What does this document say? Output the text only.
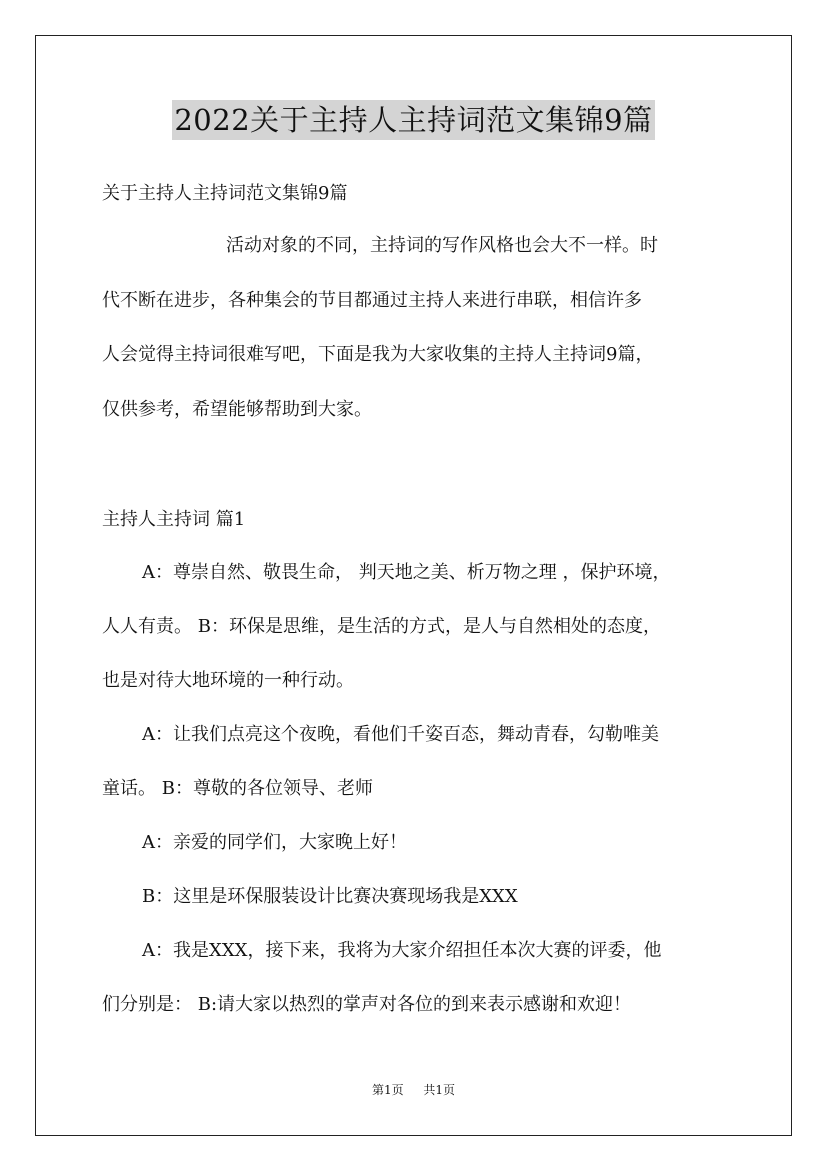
2022关于主持人主持词范文集锦9篇
关于主持人主持词范文集锦9篇
活动对象的不同，主持词的写作风格也会大不一样。时
代不断在进步，各种集会的节目都通过主持人来进行串联，相信许多
人会觉得主持词很难写吧，下面是我为大家收集的主持人主持词9篇，
仅供参考，希望能够帮助到大家。
主持人主持词 篇1
A：尊崇自然、敬畏生命， 判天地之美、析万物之理 ，保护环境，
人人有责。 B：环保是思维，是生活的方式，是人与自然相处的态度，
也是对待大地环境的一种行动。
A：让我们点亮这个夜晚，看他们千姿百态，舞动青春，勾勒唯美
童话。 B：尊敬的各位领导、老师
A：亲爱的同学们，大家晚上好！
B：这里是环保服装设计比赛决赛现场我是XXX
A：我是XXX，接下来，我将为大家介绍担任本次大赛的评委，他
们分别是： B:请大家以热烈的掌声对各位的到来表示感谢和欢迎！
第1页 共1页
